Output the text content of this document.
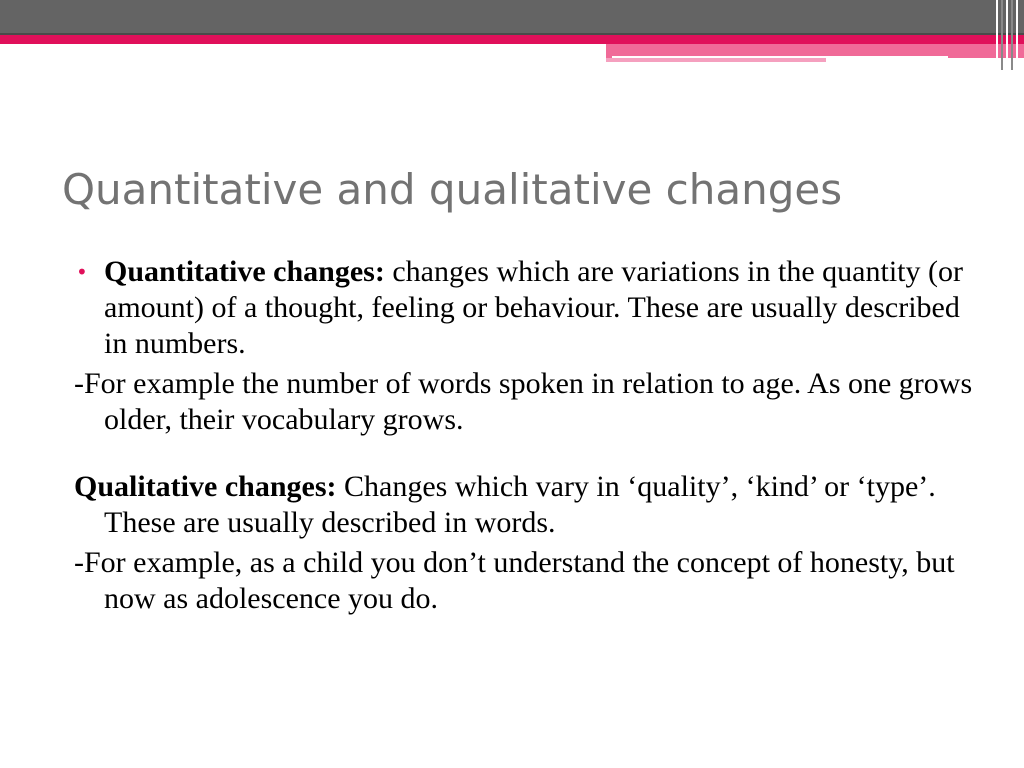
Quantitative and qualitative changes

• Quantitative changes: changes which are variations in the quantity (or amount) of a thought, feeling or behaviour. These are usually described in numbers.

-For example the number of words spoken in relation to age. As one grows older, their vocabulary grows.

Qualitative changes: Changes which vary in ‘quality’, ‘kind’ or ‘type’. These are usually described in words.

-For example, as a child you don’t understand the concept of honesty, but now as adolescence you do.
